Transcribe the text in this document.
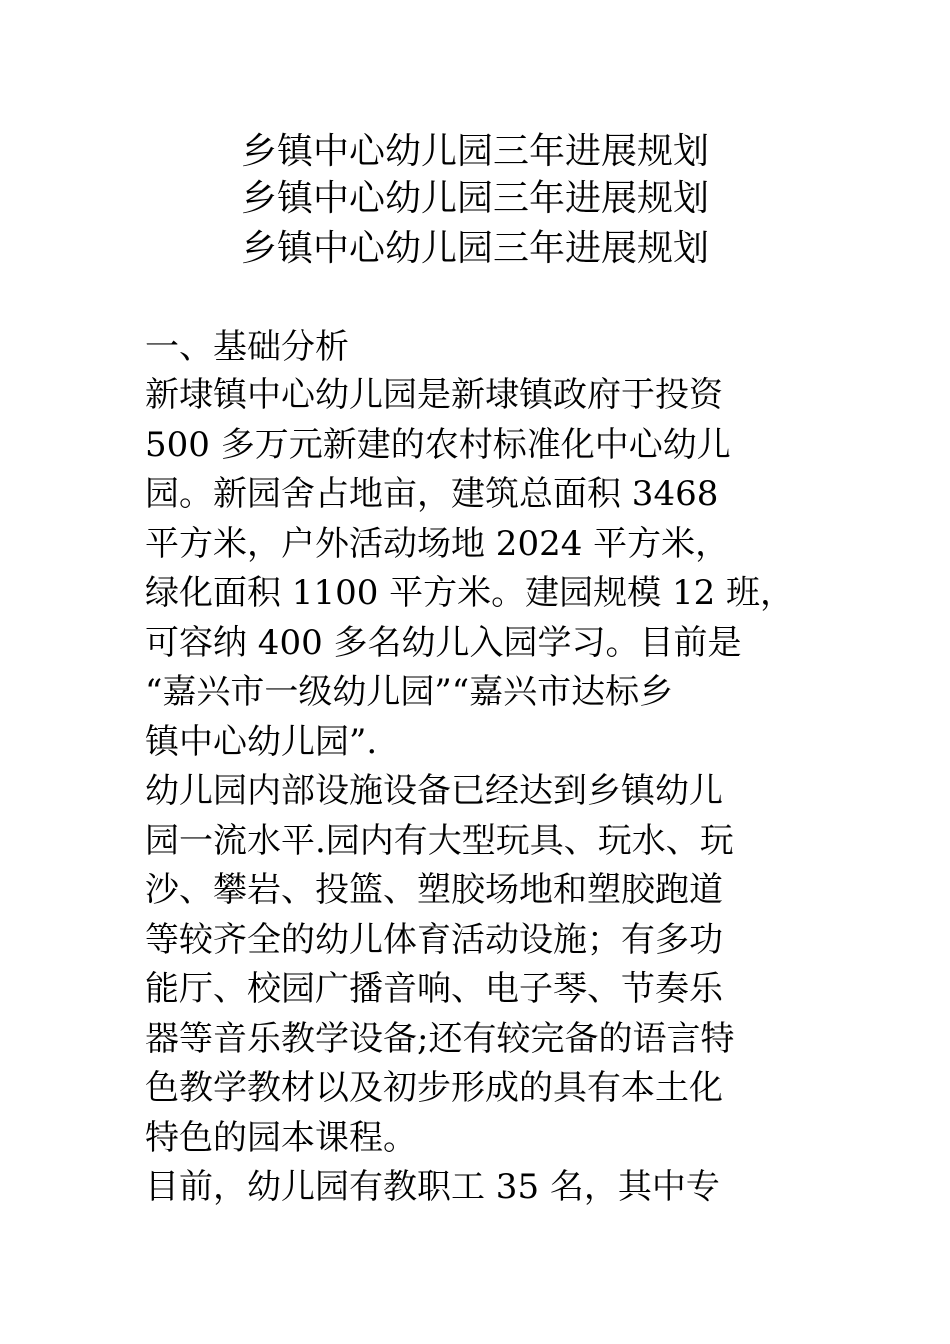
乡镇中心幼儿园三年进展规划
乡镇中心幼儿园三年进展规划
乡镇中心幼儿园三年进展规划
一、基础分析
新埭镇中心幼儿园是新埭镇政府于投资
500 多万元新建的农村标准化中心幼儿
园。新园舍占地亩，建筑总面积 3468
平方米，户外活动场地 2024 平方米，
绿化面积 1100 平方米。建园规模 12 班，
可容纳 400 多名幼儿入园学习。目前是
“嘉兴市一级幼儿园”“嘉兴市达标乡
镇中心幼儿园”.
幼儿园内部设施设备已经达到乡镇幼儿
园一流水平.园内有大型玩具、玩水、玩
沙、攀岩、投篮、塑胶场地和塑胶跑道
等较齐全的幼儿体育活动设施；有多功
能厅、校园广播音响、电子琴、节奏乐
器等音乐教学设备;还有较完备的语言特
色教学教材以及初步形成的具有本土化
特色的园本课程。
目前，幼儿园有教职工 35 名，其中专
